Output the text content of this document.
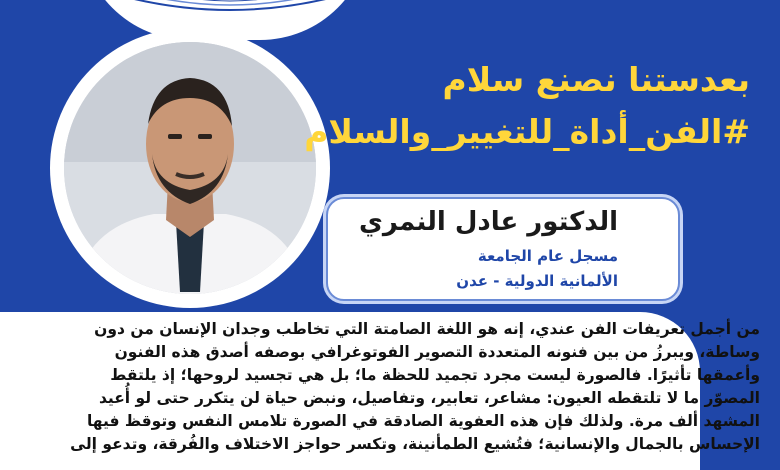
بعدستنا نصنع سلام
#الفن_أداة_للتغيير_والسلام
الدكتور عادل النمري
مسجل عام الجامعة
الألمانية الدولية - عدن
من أجمل تعريفات الفن عندي، إنه هو اللغة الصامتة التي تخاطب وجدان الإنسان من دون
وساطة، ويبرزُ من بين فنونه المتعددة التصوير الفوتوغرافي بوصفه أصدق هذه الفنون
وأعمقها تأثيرًا. فالصورة ليست مجرد تجميد للحظة ما؛ بل هي تجسيد لروحها؛ إذ يلتقط
المصوّر ما لا تلتقطه العيون: مشاعر، تعابير، وتفاصيل، ونبض حياة لن يتكرر حتى لو أُعيد
المشهد ألف مرة. ولذلك فإن هذه العفوية الصادقة في الصورة تلامس النفس وتوقظ فيها
الإحساس بالجمال والإنسانية؛ فتُشيع الطمأنينة، وتكسر حواجز الاختلاف والفُرقة، وتدعو إلى
